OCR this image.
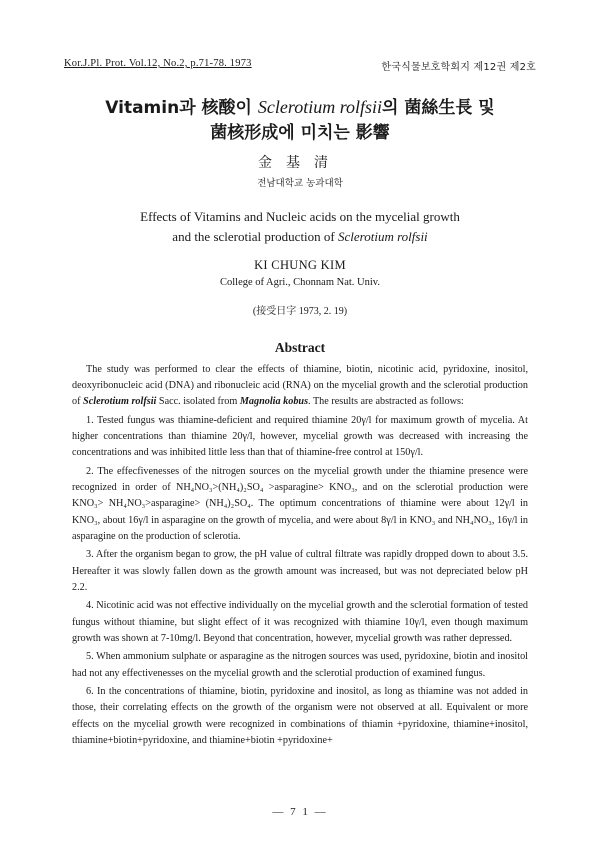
Kor.J.Pl. Prot. Vol.12, No.2, p.71-78. 1973	한국식물보호학회지 제12권 제2호
Vitamin과 核酸이 Sclerotium rolfsii의 菌絲生長 및
菌核形成에 미치는 影響
金基清
전남대학교 농과대학
Effects of Vitamins and Nucleic acids on the mycelial growth
and the sclerotial production of Sclerotium rolfsii
KI CHUNG KIM
College of Agri., Chonnam Nat. Univ.
(接受日字 1973, 2. 19)
Abstract

The study was performed to clear the effects of thiamine, biotin, nicotinic acid, pyridoxine, inositol, deoxyribonucleic acid (DNA) and ribonucleic acid (RNA) on the mycelial growth and the sclerotial production of Sclerotium rolfsii Sacc. isolated from Magnolia kobus. The results are abstracted as follows:

1. Tested fungus was thiamine-deficient and required thiamine 20γ/l for maximum growth of mycelia. At higher concentrations than thiamine 20γ/l, however, mycelial growth was decreased with increasing the concentrations and was inhibited little less than that of thiamine-free control at 150γ/l.

2. The effecfivenesses of the nitrogen sources on the mycelial growth under the thiamine presence were recognized in order of NH₄NO₃>(NH₄)₂SO₄ >asparagine> KNO₃, and on the sclerotial production were KNO₃> NH₄NO₃>asparagine> (NH₄)₂SO₄. The optimum concentrations of thiamine were about 12γ/l in KNO₃, about 16γ/l in asparagine on the growth of mycelia, and were about 8γ/l in KNO₃ and NH₄NO₃, 16γ/l in asparagine on the production of sclerotia.

3. After the organism began to grow, the pH value of cultral filtrate was rapidly dropped down to about 3.5. Hereafter it was slowly fallen down as the growth amount was increased, but was not depreciated below pH 2.2.

4. Nicotinic acid was not effective individually on the mycelial growth and the sclerotial formation of tested fungus without thiamine, but slight effect of it was recognized with thiamine 10γ/l, even though maximum growth was shown at 7-10mg/l. Beyond that concentration, however, mycelial growth was rather depressed.

5. When ammonium sulphate or asparagine as the nitrogen sources was used, pyridoxine, biotin and inositol had not any effectivenesses on the mycelial growth and the sclerotial production of examined fungus.

6. In the concentrations of thiamine, biotin, pyridoxine and inositol, as long as thiamine was not added in those, their correlating effects on the growth of the organism were not observed at all. Equivalent or more effects on the mycelial growth were recognized in combinations of thiamin +pyridoxine, thiamine+inositol, thiamine+biotin+pyridoxine, and thiamine+biotin +pyridoxine+

— 7 1 —
